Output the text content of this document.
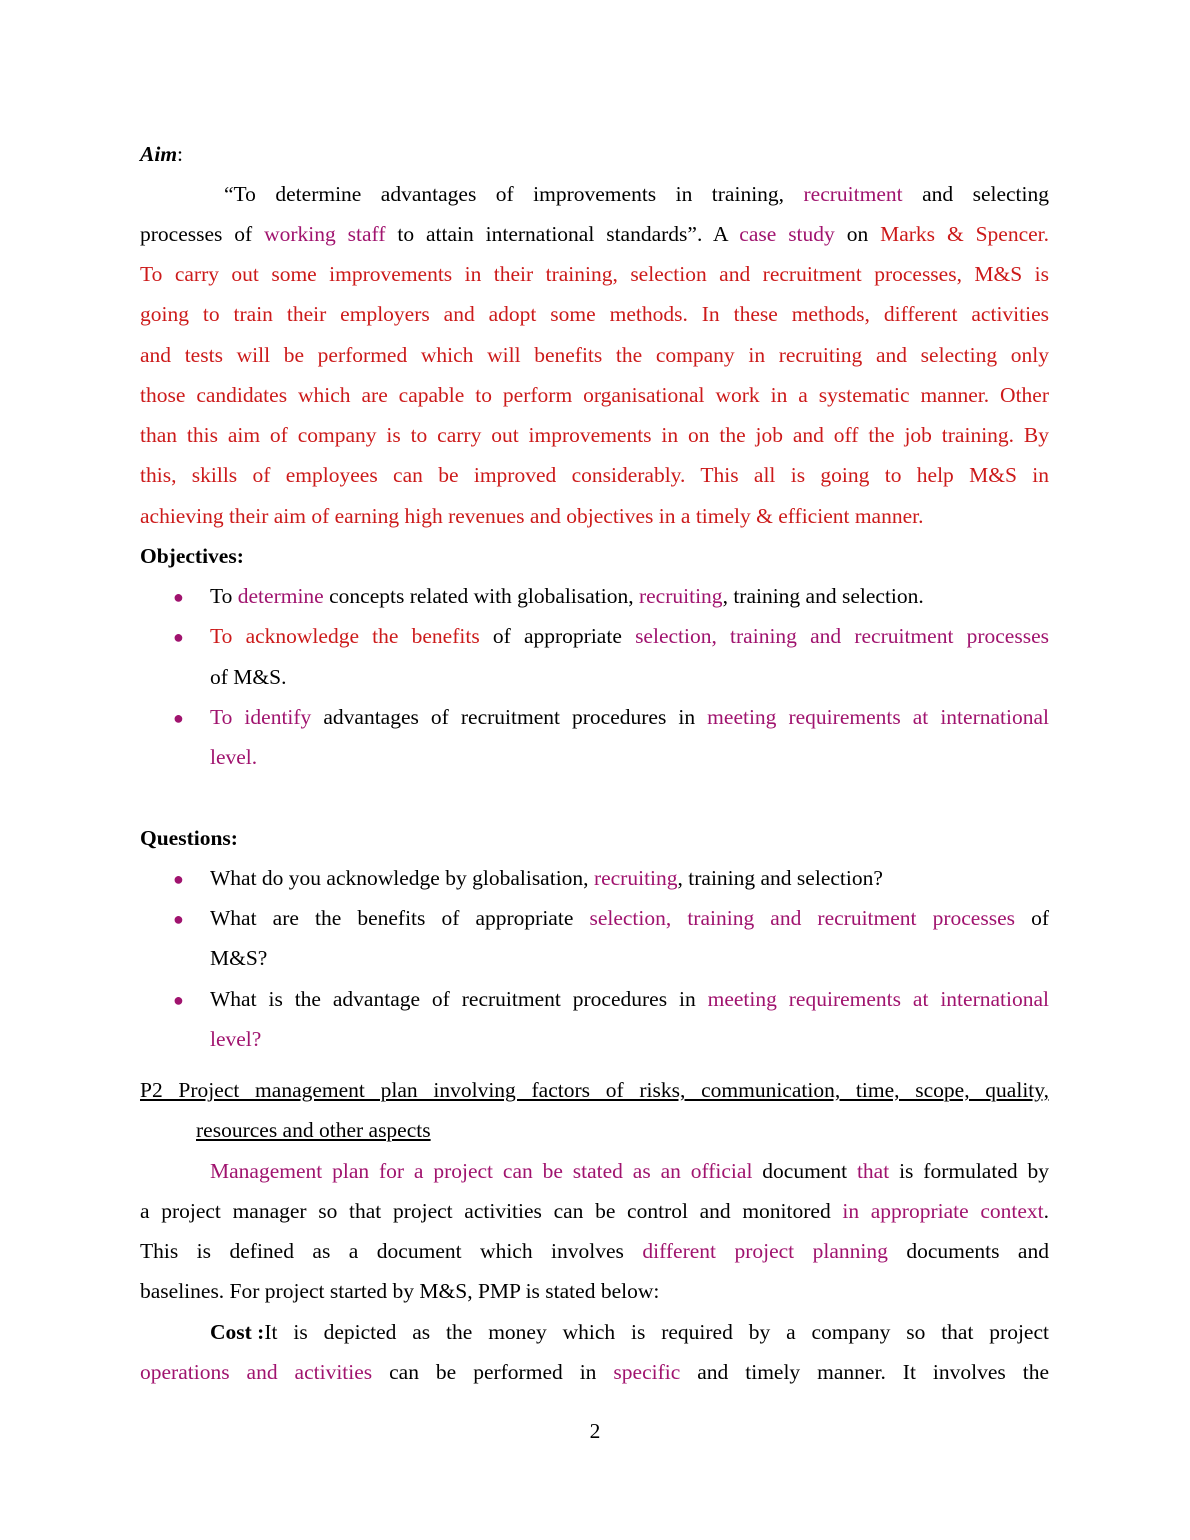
Aim:
“To determine advantages of improvements in training, recruitment and selecting
processes of working staff to attain international standards”. A case study on Marks & Spencer.
To carry out some improvements in their training, selection and recruitment processes, M&S is
going to train their employers and adopt some methods. In these methods, different activities
and tests will be performed which will benefits the company in recruiting and selecting only
those candidates which are capable to perform organisational work in a systematic manner. Other
than this aim of company is to carry out improvements in on the job and off the job training. By
this, skills of employees can be improved considerably. This all is going to help M&S in
achieving their aim of earning high revenues and objectives in a timely & efficient manner.
Objectives:
● To determine concepts related with globalisation, recruiting, training and selection.
● To acknowledge the benefits of appropriate selection, training and recruitment processes
of M&S.
● To identify advantages of recruitment procedures in meeting requirements at international
level.
Questions:
● What do you acknowledge by globalisation, recruiting, training and selection?
● What are the benefits of appropriate selection, training and recruitment processes of
M&S?
● What is the advantage of recruitment procedures in meeting requirements at international
level?
P2 Project management plan involving factors of risks, communication, time, scope, quality,
resources and other aspects
Management plan for a project can be stated as an official document that is formulated by
a project manager so that project activities can be control and monitored in appropriate context.
This is defined as a document which involves different project planning documents and
baselines. For project started by M&S, PMP is stated below:
Cost : It is depicted as the money which is required by a company so that project
operations and activities can be performed in specific and timely manner. It involves the
2
